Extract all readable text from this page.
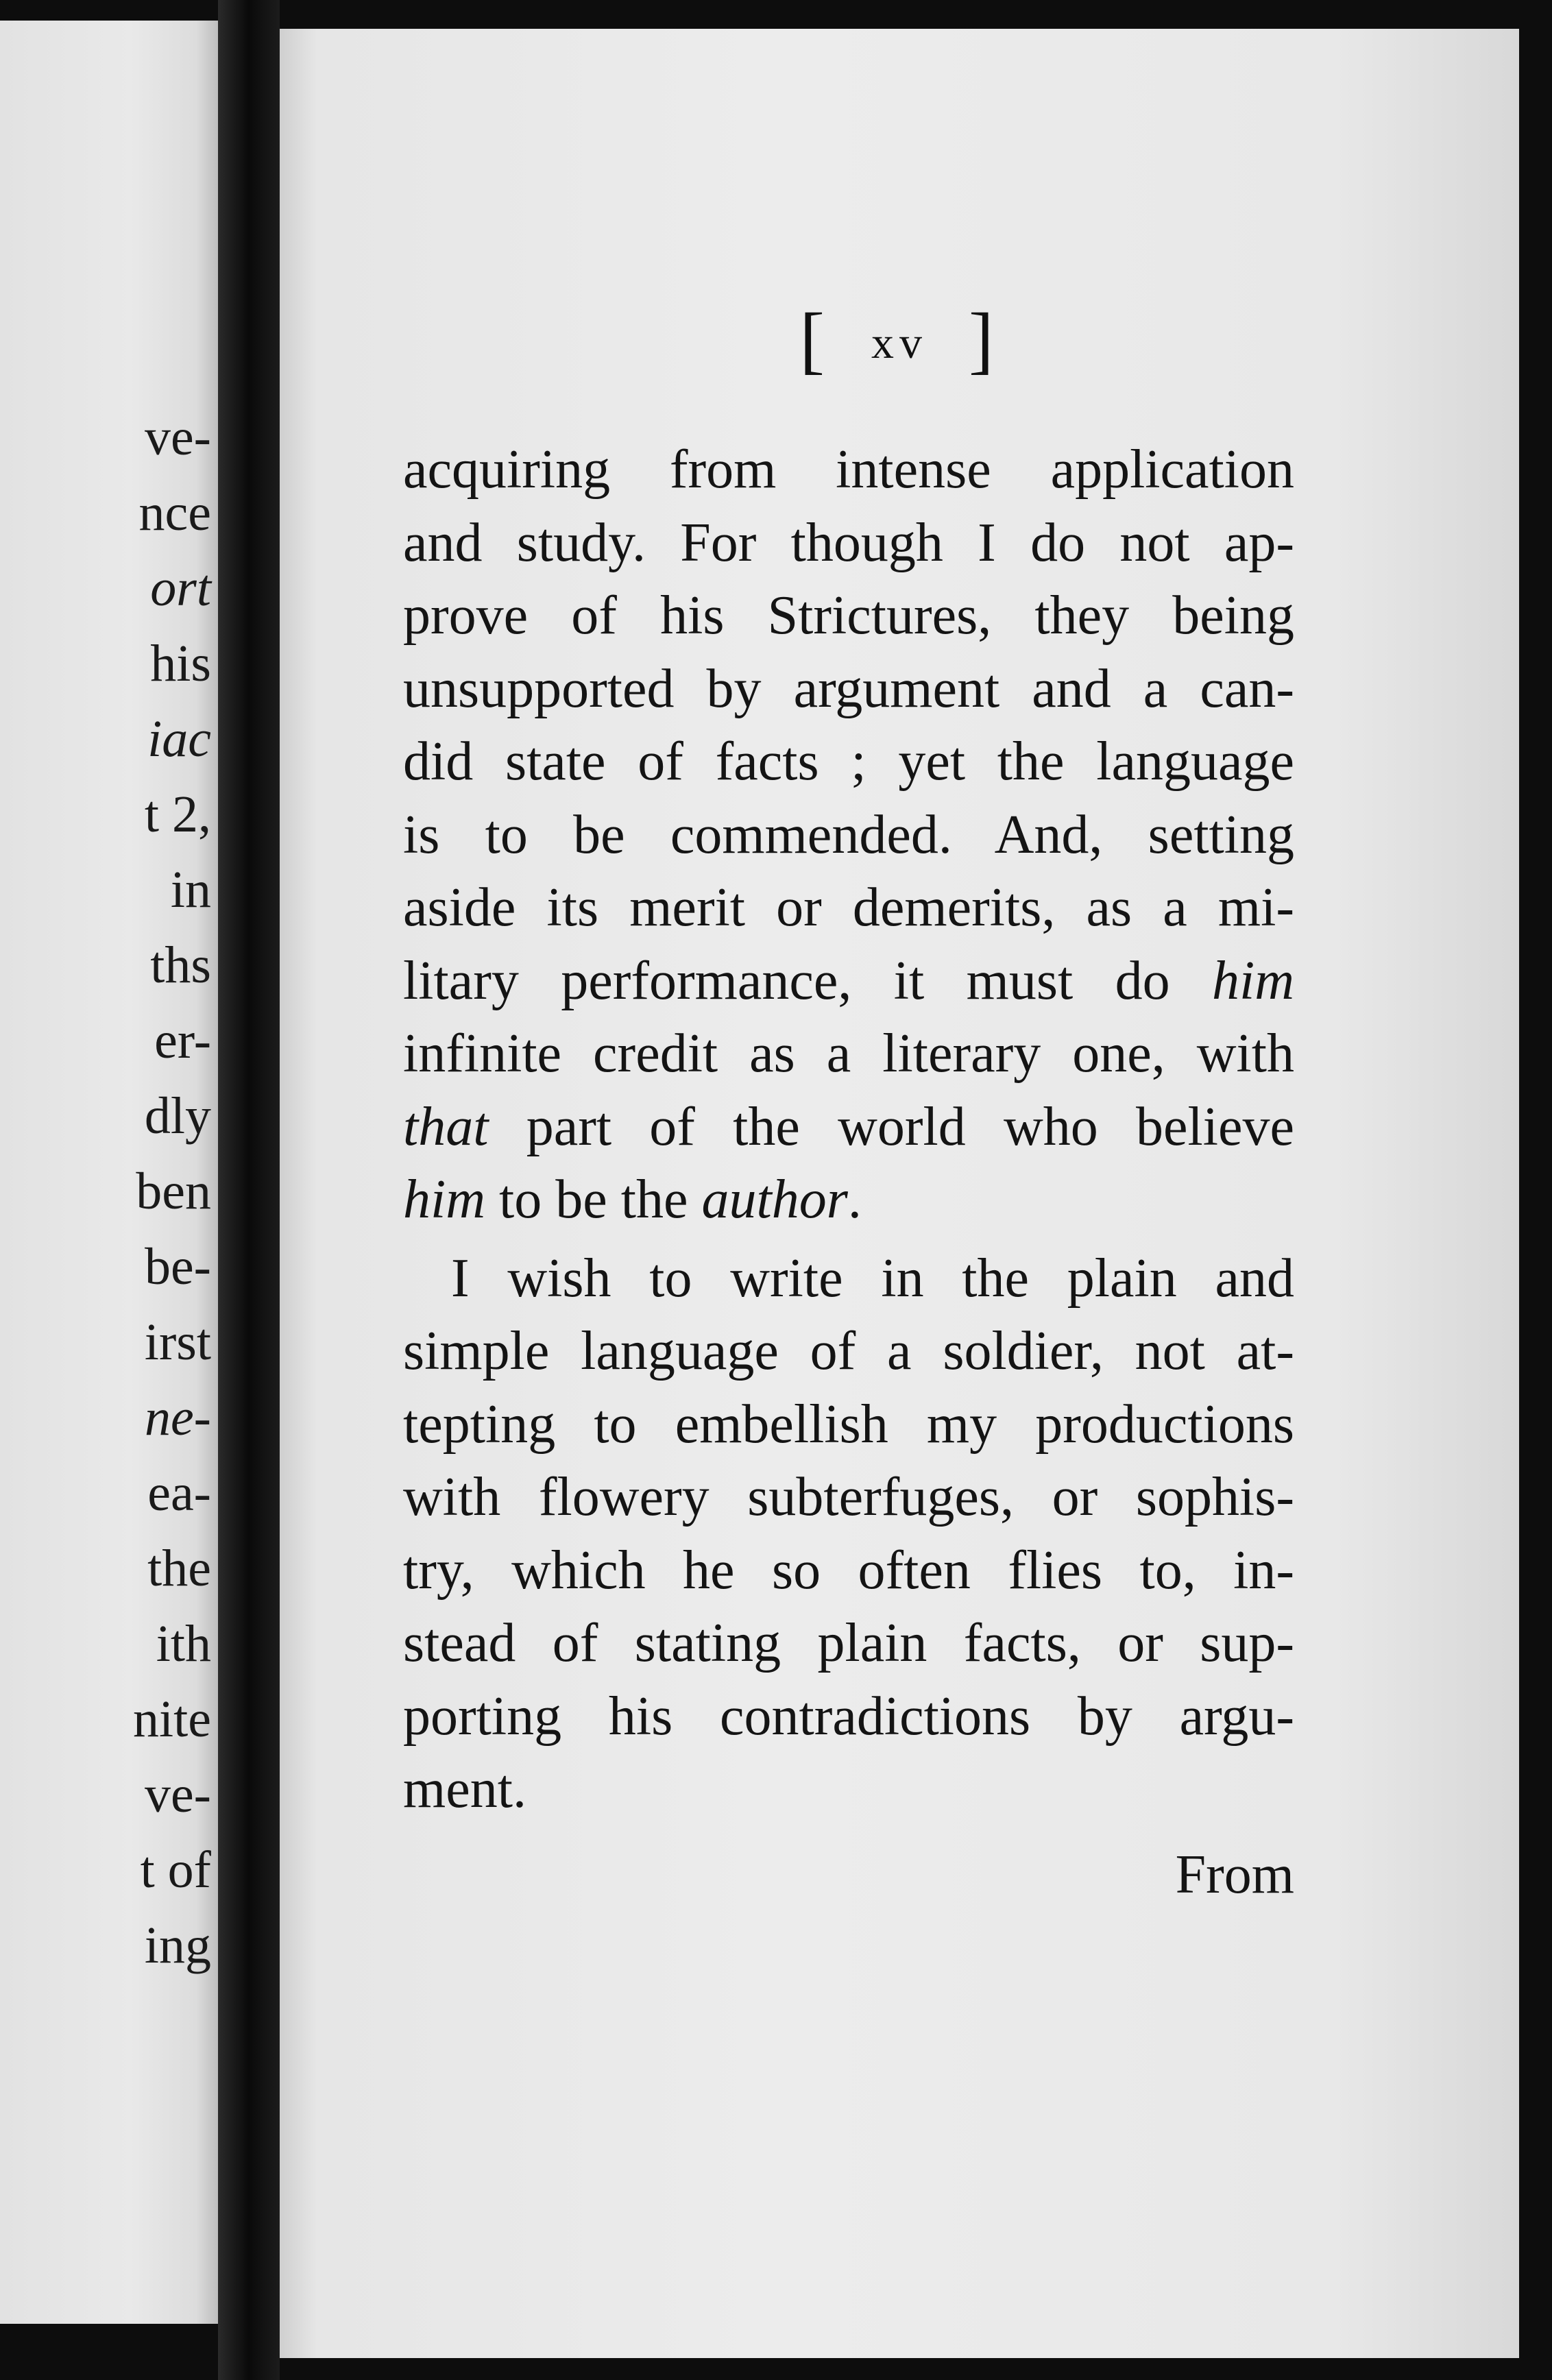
ve-
nce
ort
his
iac
t 2,
in
ths
er-
dly
ben
be-
irst
ne-
ea-
the
ith
nite
ve-
t of
ing
[ xv ]
acquiring from intense application
and study. For though I do not ap-
prove of his Strictures, they being
unsupported by argument and a can-
did state of facts ; yet the language
is to be commended. And, setting
aside its merit or demerits, as a mi-
litary performance, it must do him
infinite credit as a literary one, with
that part of the world who believe
him to be the author.
I wish to write in the plain and
simple language of a soldier, not at-
tepting to embellish my productions
with flowery subterfuges, or sophis-
try, which he so often flies to, in-
stead of stating plain facts, or sup-
porting his contradictions by argu-
ment.
From
